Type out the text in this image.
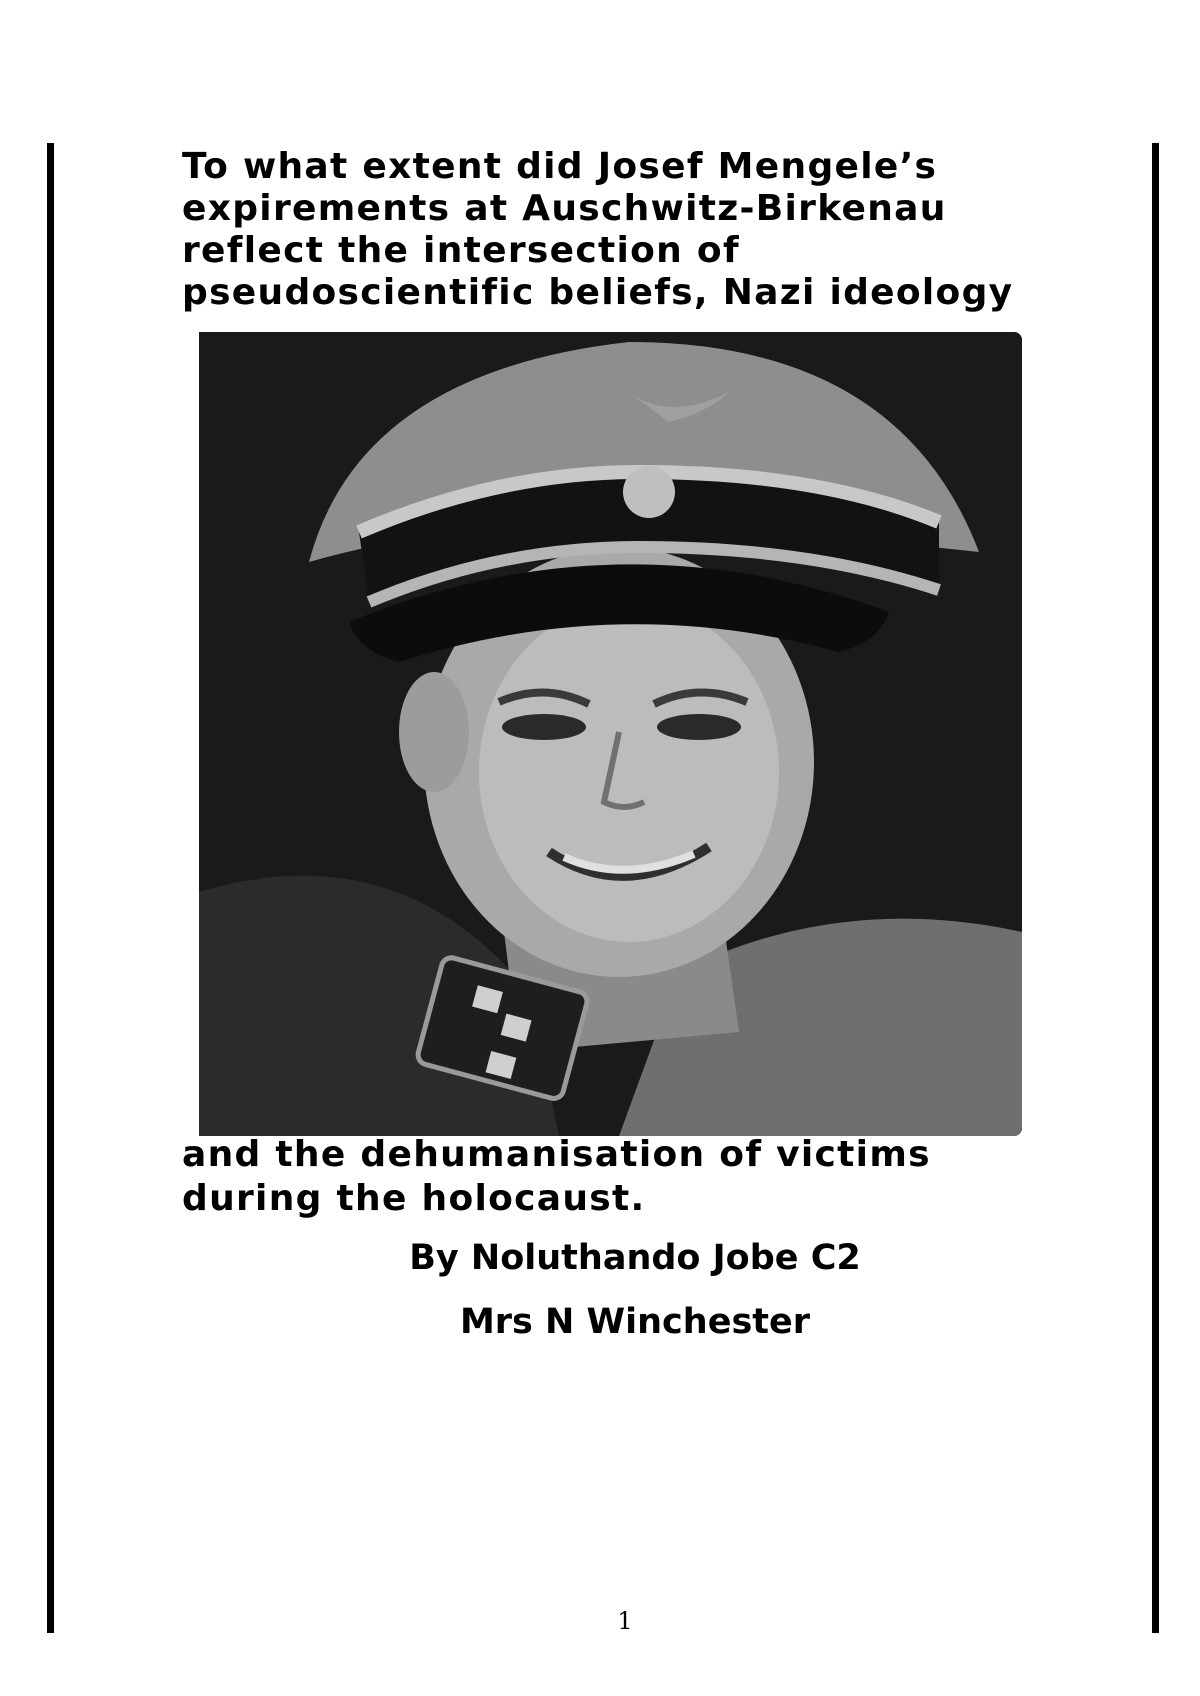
To what extent did Josef Mengele’s
expirements at Auschwitz-Birkenau
reflect the intersection of
pseudoscientific beliefs, Nazi ideology
and the dehumanisation of victims
during the holocaust.
By Noluthando Jobe C2
Mrs N Winchester
1
